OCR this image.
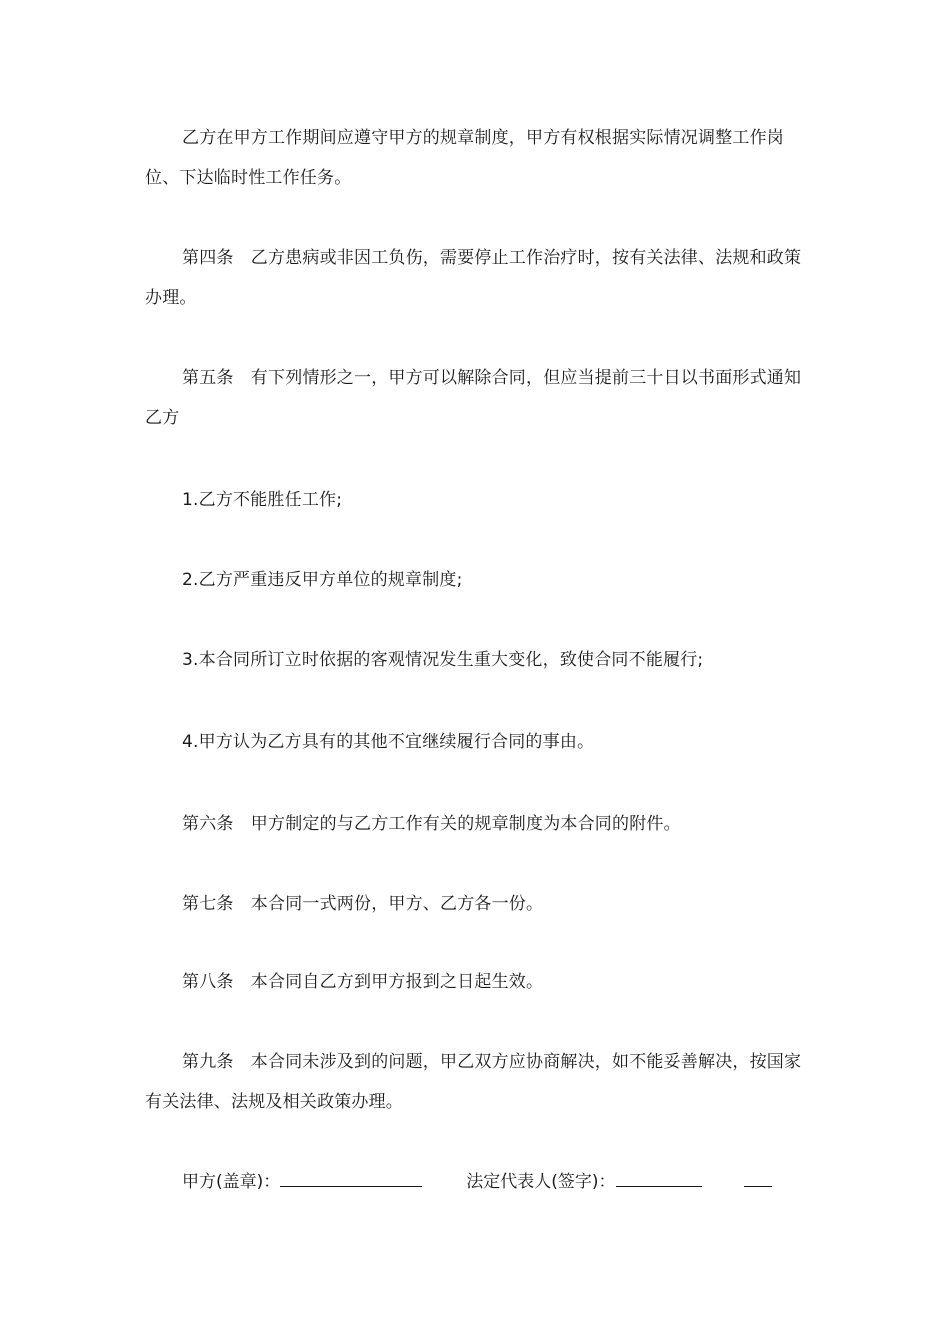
乙方在甲方工作期间应遵守甲方的规章制度，甲方有权根据实际情况调整工作岗位、下达临时性工作任务。

第四条　乙方患病或非因工负伤，需要停止工作治疗时，按有关法律、法规和政策办理。

第五条　有下列情形之一，甲方可以解除合同，但应当提前三十日以书面形式通知乙方

1.乙方不能胜任工作;

2.乙方严重违反甲方单位的规章制度;

3.本合同所订立时依据的客观情况发生重大变化，致使合同不能履行;

4.甲方认为乙方具有的其他不宜继续履行合同的事由。

第六条　甲方制定的与乙方工作有关的规章制度为本合同的附件。

第七条　本合同一式两份，甲方、乙方各一份。

第八条　本合同自乙方到甲方报到之日起生效。

第九条　本合同未涉及到的问题，甲乙双方应协商解决，如不能妥善解决，按国家有关法律、法规及相关政策办理。

甲方(盖章)：	法定代表人(签字)：
